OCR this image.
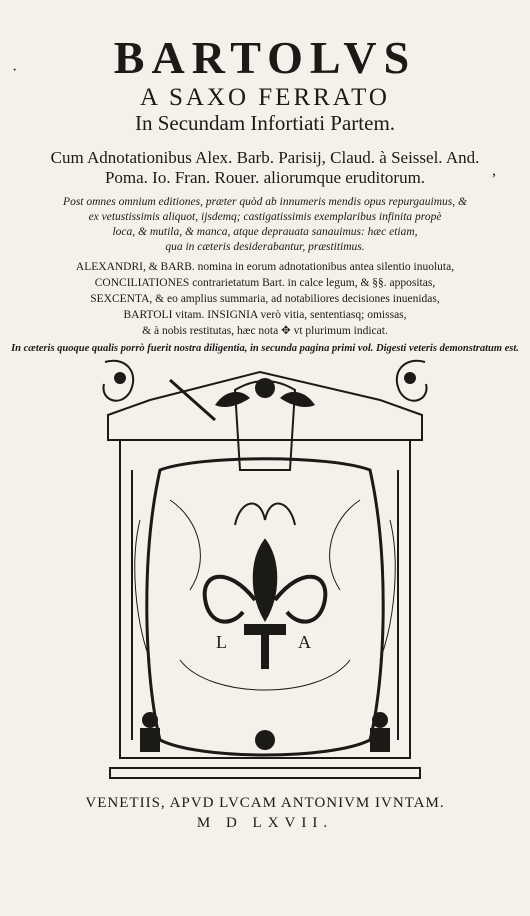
·
,
BARTOLVS
A SAXO FERRATO
In Secundam Infortiati Partem.
Cum Adnotationibus Alex. Barb. Parisij, Claud. à Seissel. And.
Poma. Io. Fran. Rouer. aliorumque eruditorum.
Post omnes omnium editiones, præter quòd ab innumeris mendis opus repurgauimus, &
ex vetustissimis aliquot, ijsdemq; castigatissimis exemplaribus infinita propè
loca, & mutila, & manca, atque deprauata sanauimus: hæc etiam,
qua in cæteris desiderabantur, præstitimus.
ALEXANDRI, & BARB. nomina in eorum adnotationibus antea silentio inuoluta,
CONCILIATIONES contrarietatum Bart. in calce legum, & §§. appositas,
SEXCENTA, & eo amplius summaria, ad notabiliores decisiones inuenidas,
BARTOLI vitam. INSIGNIA verò vitia, sententiasq; omissas,
& à nobis restitutas, hæc nota ✥ vt plurimum indicat.
In cæteris quoque qualis porrò fuerit nostra diligentia, in secunda pagina primi vol. Digesti veteris demonstratum est.
L	A
VENETIIS, APVD LVCAM ANTONIVM IVNTAM.
M D LXVII.
